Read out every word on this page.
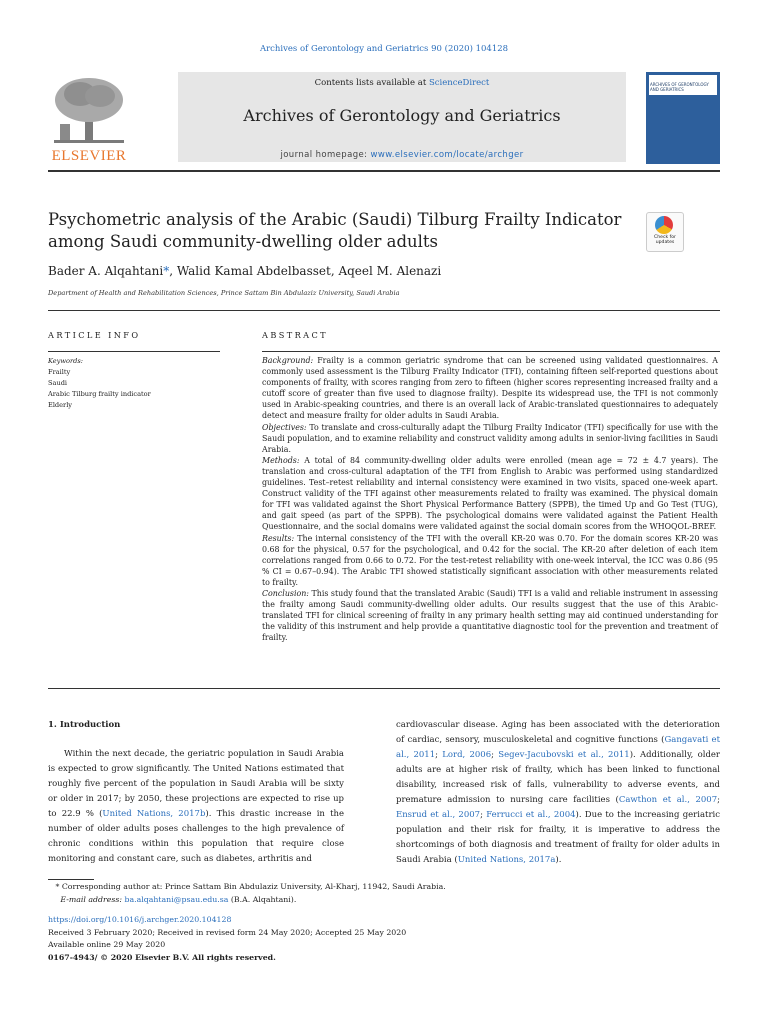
Archives of Gerontology and Geriatrics 90 (2020) 104128
ELSEVIER
Contents lists available at ScienceDirect
Archives of Gerontology and Geriatrics
journal homepage: www.elsevier.com/locate/archger
ARCHIVES OF GERONTOLOGY AND GERIATRICS
Psychometric analysis of the Arabic (Saudi) Tilburg Frailty Indicator among Saudi community-dwelling older adults	Check for updates
Bader A. Alqahtani*, Walid Kamal Abdelbasset, Aqeel M. Alenazi
Department of Health and Rehabilitation Sciences, Prince Sattam Bin Abdulaziz University, Saudi Arabia
ARTICLE INFO	ABSTRACT
Keywords:
Frailty
Saudi
Arabic Tilburg frailty indicator
Elderly

Background: Frailty is a common geriatric syndrome that can be screened using validated questionnaires. A commonly used assessment is the Tilburg Frailty Indicator (TFI), containing fifteen self-reported questions about components of frailty, with scores ranging from zero to fifteen (higher scores representing increased frailty and a cutoff score of greater than five used to diagnose frailty). Despite its widespread use, the TFI is not commonly used in Arabic-speaking countries, and there is an overall lack of Arabic-translated questionnaires to adequately detect and measure frailty for older adults in Saudi Arabia.

Objectives: To translate and cross-culturally adapt the Tilburg Frailty Indicator (TFI) specifically for use with the Saudi population, and to examine reliability and construct validity among adults in senior-living facilities in Saudi Arabia.

Methods: A total of 84 community-dwelling older adults were enrolled (mean age = 72 ± 4.7 years). The translation and cross-cultural adaptation of the TFI from English to Arabic was performed using standardized guidelines. Test–retest reliability and internal consistency were examined in two visits, spaced one-week apart. Construct validity of the TFI against other measurements related to frailty was examined. The physical domain for TFI was validated against the Short Physical Performance Battery (SPPB), the timed Up and Go Test (TUG), and gait speed (as part of the SPPB). The psychological domains were validated against the Patient Health Questionnaire, and the social domains were validated against the social domain scores from the WHOQOL-BREF.

Results: The internal consistency of the TFI with the overall KR-20 was 0.70. For the domain scores KR-20 was 0.68 for the physical, 0.57 for the psychological, and 0.42 for the social. The KR-20 after deletion of each item correlations ranged from 0.66 to 0.72. For the test-retest reliability with one-week interval, the ICC was 0.86 (95 % CI = 0.67–0.94). The Arabic TFI showed statistically significant association with other measurements related to frailty.

Conclusion: This study found that the translated Arabic (Saudi) TFI is a valid and reliable instrument in assessing the frailty among Saudi community-dwelling older adults. Our results suggest that the use of this Arabic-translated TFI for clinical screening of frailty in any primary health setting may aid continued understanding for the validity of this instrument and help provide a quantitative diagnostic tool for the prevention and treatment of frailty.

1. Introduction

Within the next decade, the geriatric population in Saudi Arabia is expected to grow significantly. The United Nations estimated that roughly five percent of the population in Saudi Arabia will be sixty or older in 2017; by 2050, these projections are expected to rise up to 22.9 % (United Nations, 2017b). This drastic increase in the number of older adults poses challenges to the high prevalence of chronic conditions within this population that require close monitoring and constant care, such as diabetes, arthritis and

cardiovascular disease. Aging has been associated with the deterioration of cardiac, sensory, musculoskeletal and cognitive functions (Gangavati et al., 2011; Lord, 2006; Segev-Jacubovski et al., 2011). Additionally, older adults are at higher risk of frailty, which has been linked to functional disability, increased risk of falls, vulnerability to adverse events, and premature admission to nursing care facilities (Cawthon et al., 2007; Ensrud et al., 2007; Ferrucci et al., 2004). Due to the increasing geriatric population and their risk for frailty, it is imperative to address the shortcomings of both diagnosis and treatment of frailty for older adults in Saudi Arabia (United Nations, 2017a).

* Corresponding author at: Prince Sattam Bin Abdulaziz University, Al-Kharj, 11942, Saudi Arabia.

E-mail address: ba.alqahtani@psau.edu.sa (B.A. Alqahtani).

https://doi.org/10.1016/j.archger.2020.104128

Received 3 February 2020; Received in revised form 24 May 2020; Accepted 25 May 2020

Available online 29 May 2020

0167-4943/ © 2020 Elsevier B.V. All rights reserved.
